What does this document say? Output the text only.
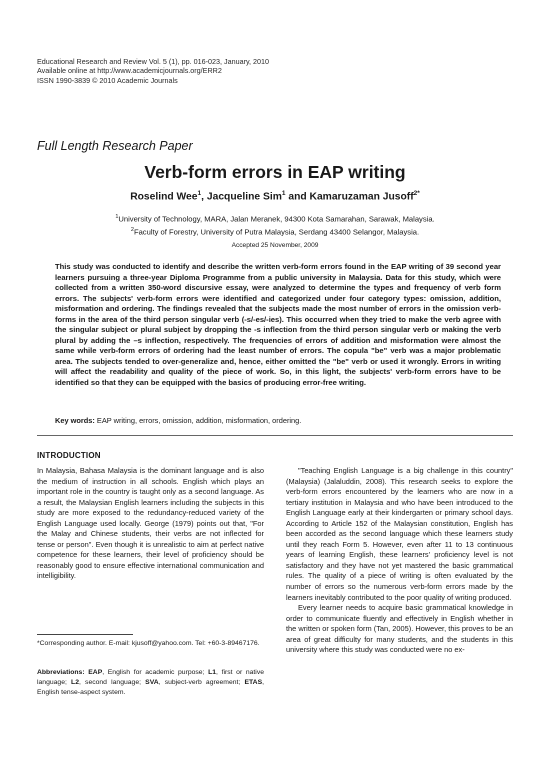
Educational Research and Review Vol. 5 (1), pp. 016-023, January, 2010
Available online at http://www.academicjournals.org/ERR2
ISSN 1990-3839 © 2010 Academic Journals
Full Length Research Paper
Verb-form errors in EAP writing
Roselind Wee$^1$, Jacqueline Sim$^1$ and Kamaruzaman Jusoff$^{2*}$
$^1$University of Technology, MARA, Jalan Meranek, 94300 Kota Samarahan, Sarawak, Malaysia.
$^2$Faculty of Forestry, University of Putra Malaysia, Serdang 43400 Selangor, Malaysia.
Accepted 25 November, 2009
This study was conducted to identify and describe the written verb-form errors found in the EAP writing of 39 second year learners pursuing a three-year Diploma Programme from a public university in Malaysia. Data for this study, which were collected from a written 350-word discursive essay, were analyzed to determine the types and frequency of verb form errors. The subjects' verb-form errors were identified and categorized under four category types: omission, addition, misformation and ordering. The findings revealed that the subjects made the most number of errors in the omission verb-forms in the area of the third person singular verb (-s/-es/-ies). This occurred when they tried to make the verb agree with the singular subject or plural subject by dropping the -s inflection from the third person singular verb or making the verb plural by adding the –s inflection, respectively. The frequencies of errors of addition and misformation were almost the same while verb-form errors of ordering had the least number of errors. The copula "be" verb was a major problematic area. The subjects tended to over-generalize and, hence, either omitted the "be" verb or used it wrongly. Errors in writing will affect the readability and quality of the piece of work. So, in this light, the subjects' verb-form errors have to be identified so that they can be equipped with the basics of producing error-free writing.
Key words: EAP writing, errors, omission, addition, misformation, ordering.
INTRODUCTION

In Malaysia, Bahasa Malaysia is the dominant language and is also the medium of instruction in all schools. English which plays an important role in the country is taught only as a second language. As a result, the Malaysian English learners including the subjects in this study are more exposed to the redundancy-reduced variety of the English Language used locally. George (1979) points out that, "For the Malay and Chinese students, their verbs are not inflected for tense or person". Even though it is unrealistic to aim at perfect native competence for these learners, their level of proficiency should be reasonably good to ensure effective international communication and intelligibility.

"Teaching English Language is a big challenge in this country" (Malaysia) (Jalaluddin, 2008). This research seeks to explore the verb-form errors encountered by the learners who are now in a tertiary institution in Malaysia and who have been introduced to the English Language early at their kindergarten or primary school days. According to Article 152 of the Malaysian constitution, English has been accorded as the second language which these learners study until they reach Form 5. However, even after 11 to 13 continuous years of learning English, these learners' proficiency level is not satisfactory and they have not yet mastered the basic grammatical rules. The quality of a piece of writing is often evaluated by the number of errors so the numerous verb-form errors made by the learners inevitably contributed to the poor quality of writing produced.

Every learner needs to acquire basic grammatical knowledge in order to communicate fluently and effectively in English whether in the written or spoken form (Tan, 2005). However, this proves to be an area of great difficulty for many students, and the students in this university where this study was conducted were no ex-

*Corresponding author. E-mail: kjusoff@yahoo.com. Tel: +60-3-89467176.
Abbreviations: EAP, English for academic purpose; L1, first or native language; L2, second language; SVA, subject-verb agreement; ETAS, English tense-aspect system.
